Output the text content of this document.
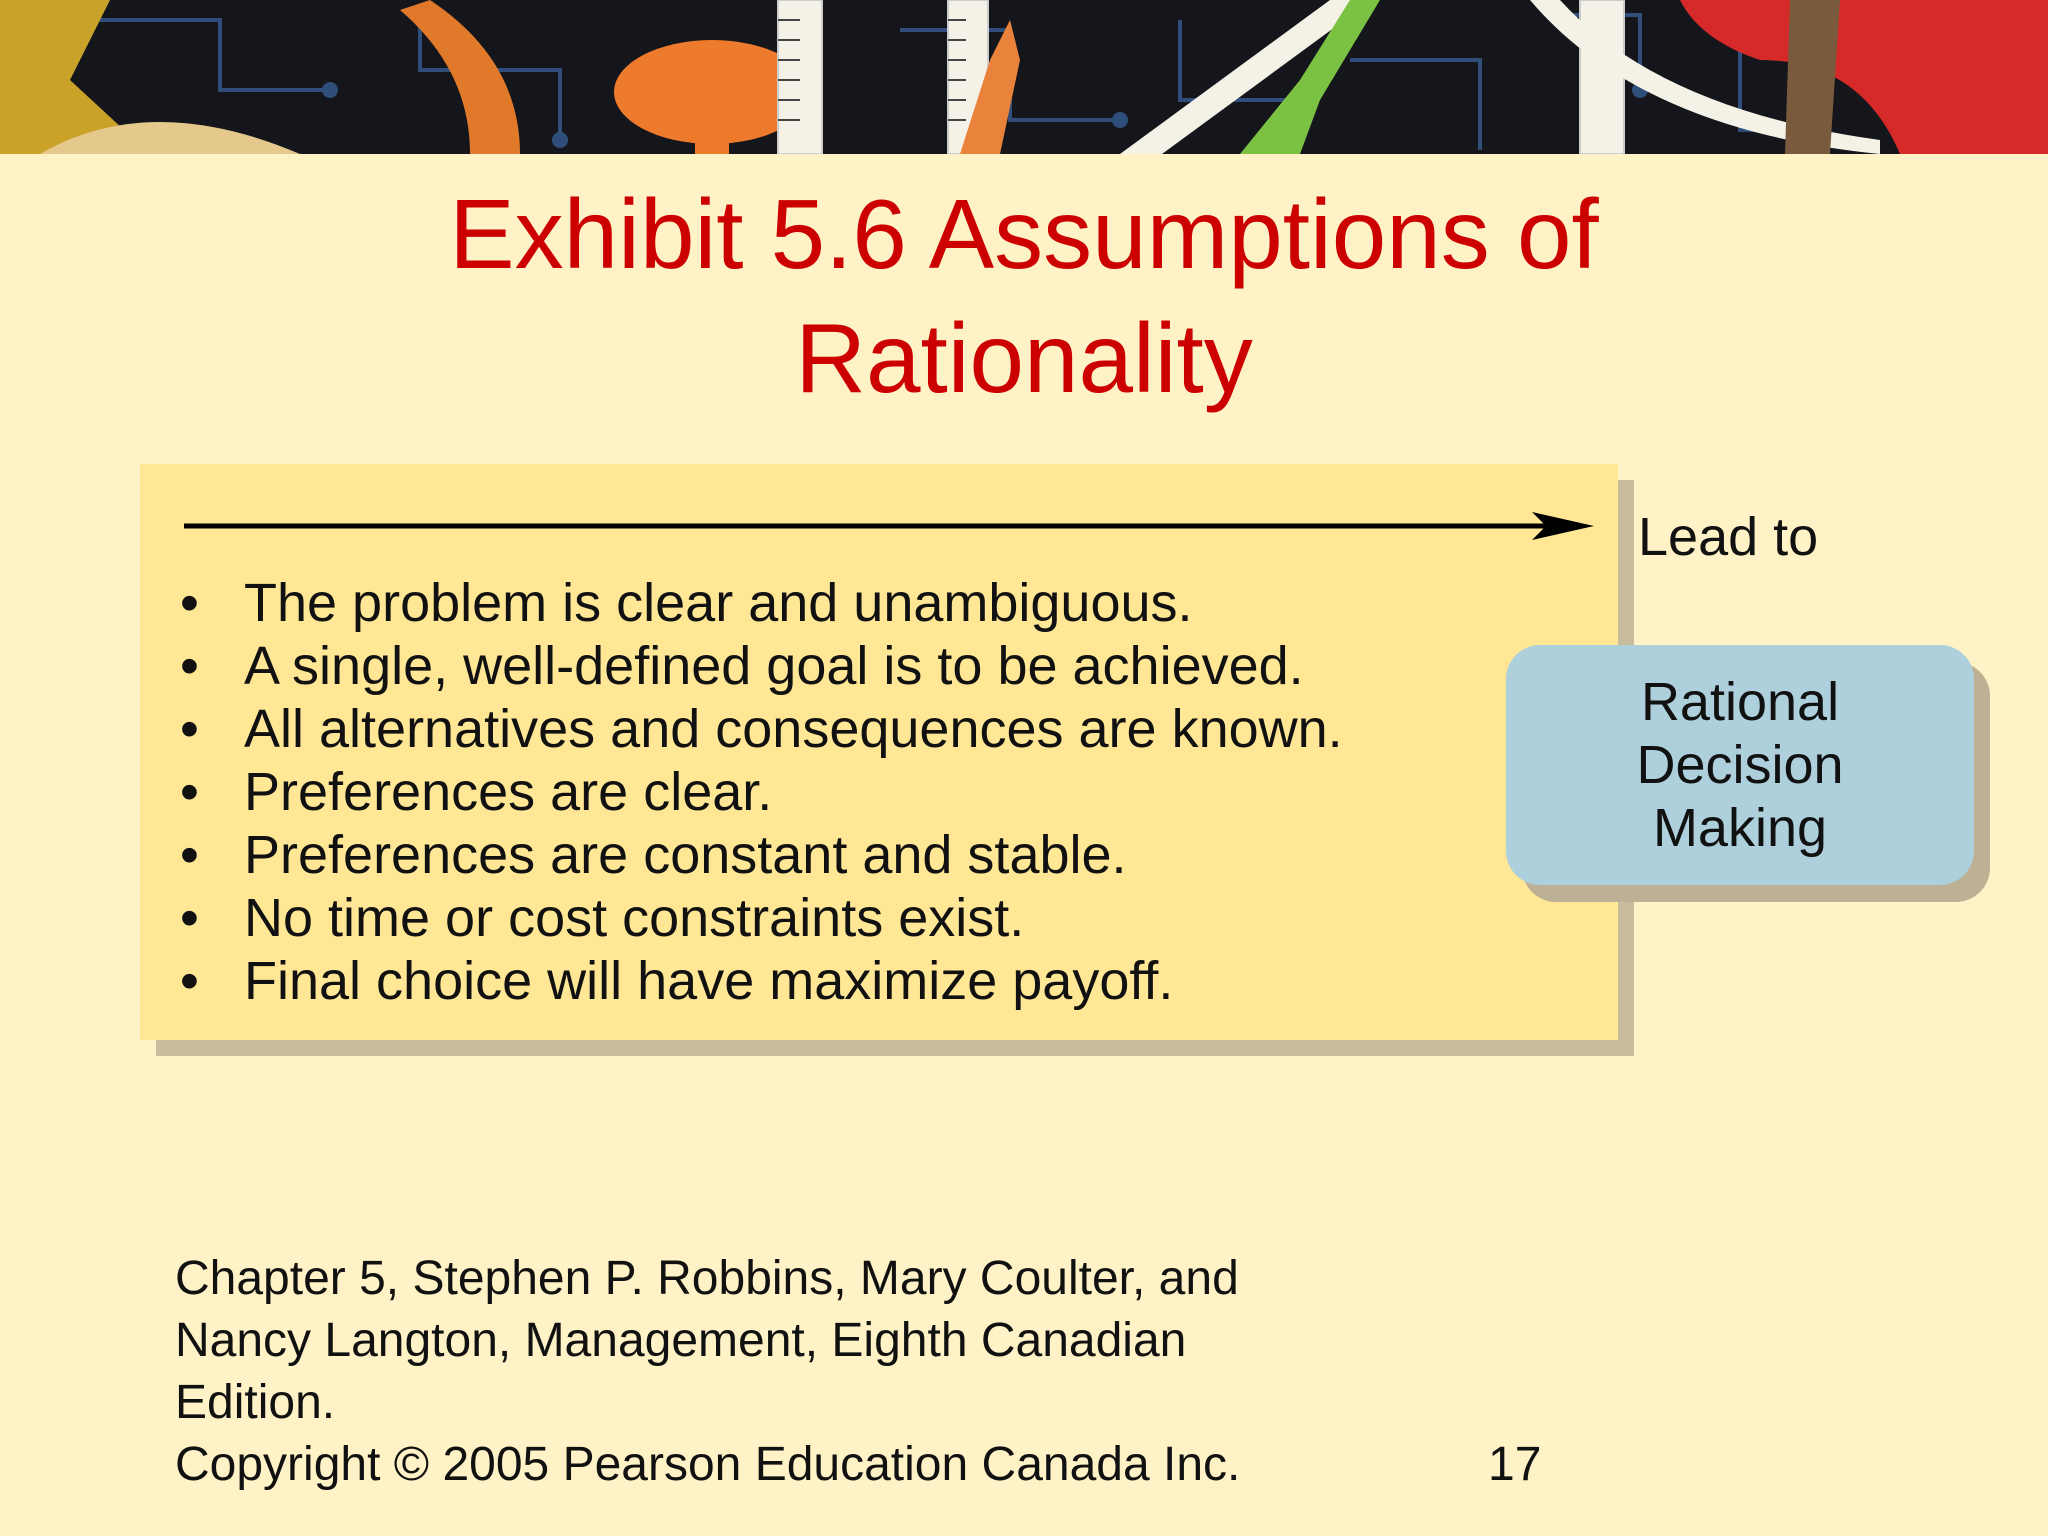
Exhibit 5.6 Assumptions of
Rationality
• The problem is clear and unambiguous.
• A single, well-defined goal is to be achieved.
• All alternatives and consequences are known.
• Preferences are clear.
• Preferences are constant and stable.
• No time or cost constraints exist.
• Final choice will have maximize payoff.
Lead to
Rational
Decision
Making
Chapter 5, Stephen P. Robbins, Mary Coulter, and
Nancy Langton, Management, Eighth Canadian
Edition.
Copyright © 2005 Pearson Education Canada Inc.	17
